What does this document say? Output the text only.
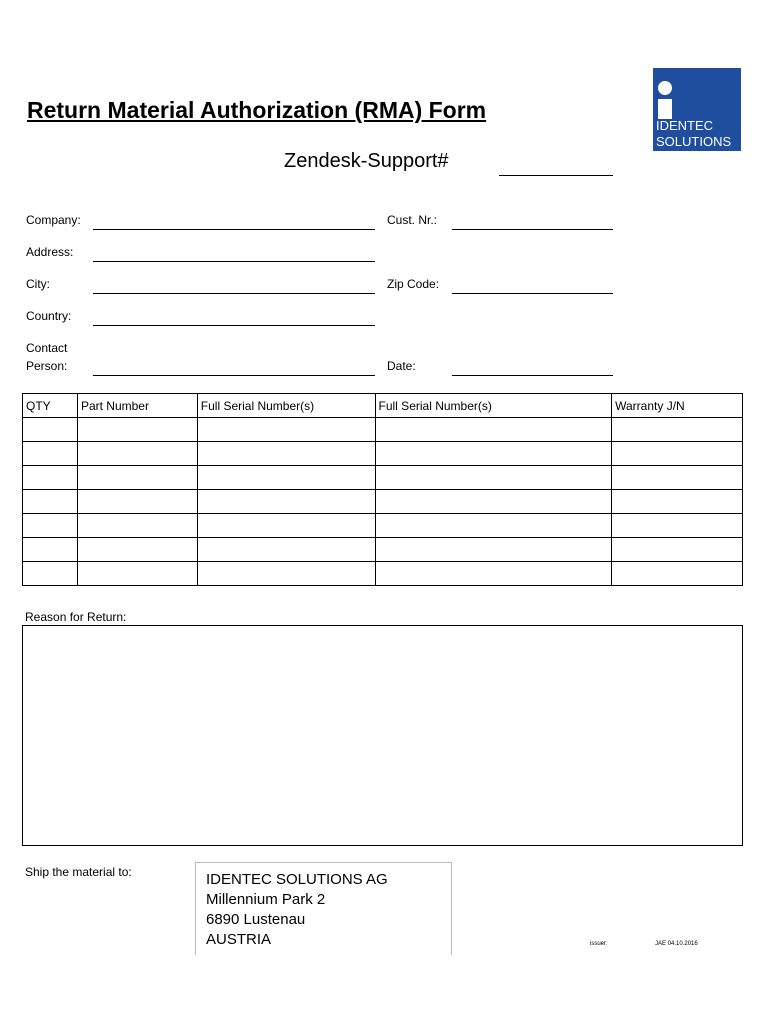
Return Material Authorization (RMA) Form
IDENTEC
SOLUTIONS
Zendesk-Support#
Company:	Cust. Nr.:
Address:
City:	Zip Code:
Country:
Contact
Person:	Date:
QTY	Part Number	Full Serial Number(s)	Full Serial Number(s)	Warranty J/N

Reason for Return:
Ship the material to:	IDENTEC SOLUTIONS AG
Millennium Park 2
6890 Lustenau
AUSTRIA	issuer:	JAE 04.10.2016
